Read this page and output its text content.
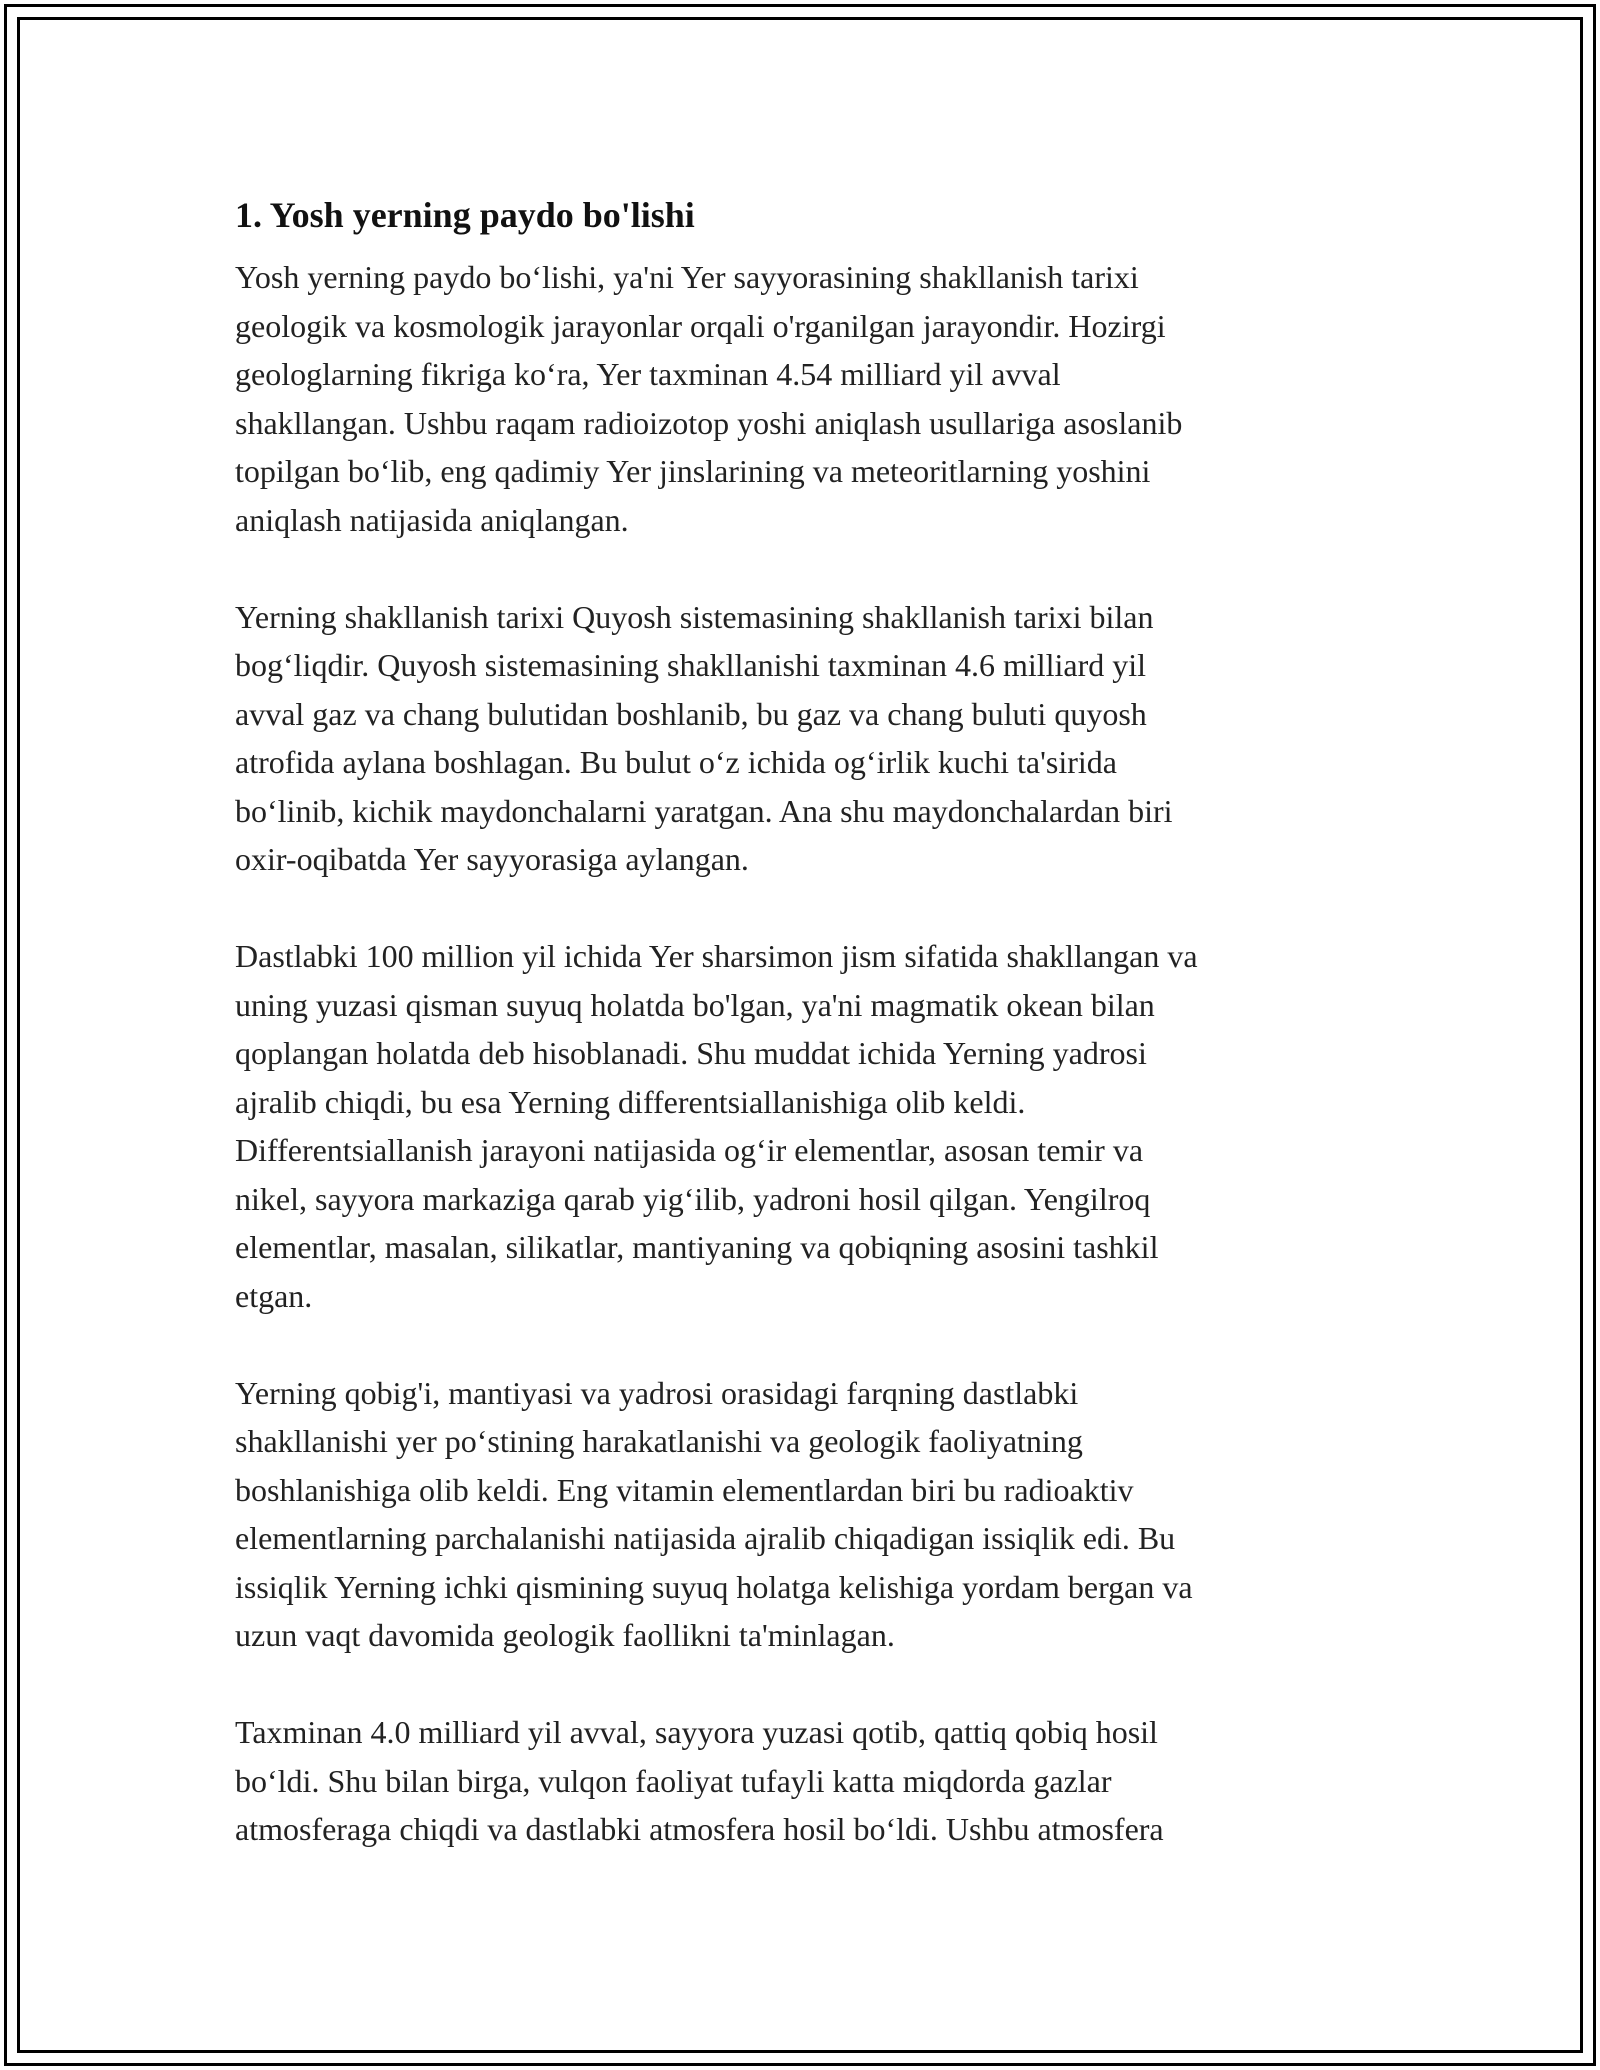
1. Yosh yerning paydo bo'lishi

Yosh yerning paydo bo‘lishi, ya'ni Yer sayyorasining shakllanish tarixi
geologik va kosmologik jarayonlar orqali o'rganilgan jarayondir. Hozirgi
geologlarning fikriga ko‘ra, Yer taxminan 4.54 milliard yil avval
shakllangan. Ushbu raqam radioizotop yoshi aniqlash usullariga asoslanib
topilgan bo‘lib, eng qadimiy Yer jinslarining va meteoritlarning yoshini
aniqlash natijasida aniqlangan.

Yerning shakllanish tarixi Quyosh sistemasining shakllanish tarixi bilan
bog‘liqdir. Quyosh sistemasining shakllanishi taxminan 4.6 milliard yil
avval gaz va chang bulutidan boshlanib, bu gaz va chang buluti quyosh
atrofida aylana boshlagan. Bu bulut o‘z ichida og‘irlik kuchi ta'sirida
bo‘linib, kichik maydonchalarni yaratgan. Ana shu maydonchalardan biri
oxir-oqibatda Yer sayyorasiga aylangan.

Dastlabki 100 million yil ichida Yer sharsimon jism sifatida shakllangan va
uning yuzasi qisman suyuq holatda bo'lgan, ya'ni magmatik okean bilan
qoplangan holatda deb hisoblanadi. Shu muddat ichida Yerning yadrosi
ajralib chiqdi, bu esa Yerning differentsiallanishiga olib keldi.
Differentsiallanish jarayoni natijasida og‘ir elementlar, asosan temir va
nikel, sayyora markaziga qarab yig‘ilib, yadroni hosil qilgan. Yengilroq
elementlar, masalan, silikatlar, mantiyaning va qobiqning asosini tashkil
etgan.

Yerning qobig'i, mantiyasi va yadrosi orasidagi farqning dastlabki
shakllanishi yer po‘stining harakatlanishi va geologik faoliyatning
boshlanishiga olib keldi. Eng vitamin elementlardan biri bu radioaktiv
elementlarning parchalanishi natijasida ajralib chiqadigan issiqlik edi. Bu
issiqlik Yerning ichki qismining suyuq holatga kelishiga yordam bergan va
uzun vaqt davomida geologik faollikni ta'minlagan.

Taxminan 4.0 milliard yil avval, sayyora yuzasi qotib, qattiq qobiq hosil
bo‘ldi. Shu bilan birga, vulqon faoliyat tufayli katta miqdorda gazlar
atmosferaga chiqdi va dastlabki atmosfera hosil bo‘ldi. Ushbu atmosfera
